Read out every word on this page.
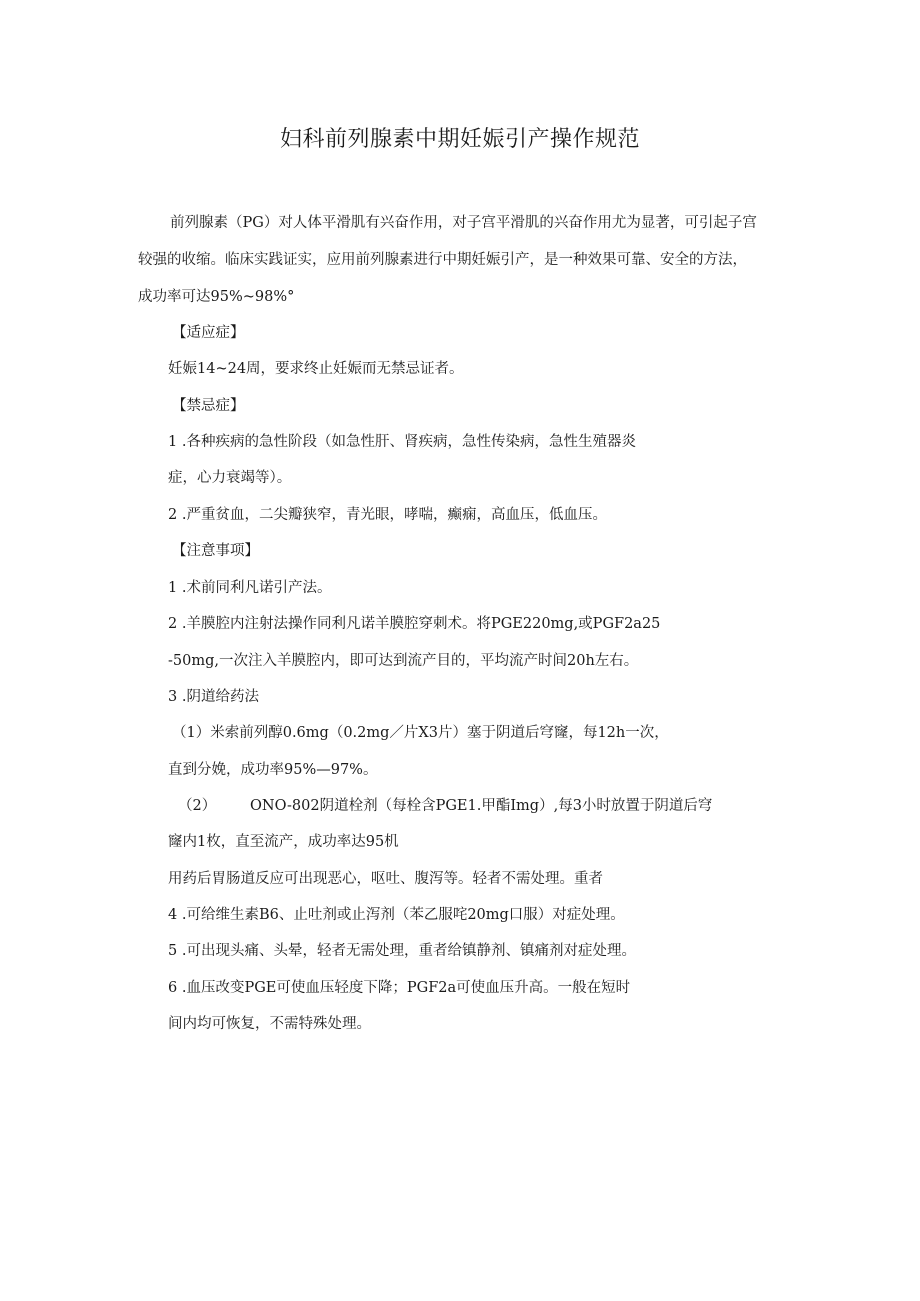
妇科前列腺素中期妊娠引产操作规范
前列腺素（PG）对人体平滑肌有兴奋作用，对子宫平滑肌的兴奋作用尤为显著，可引起子宫
较强的收缩。临床实践证实，应用前列腺素进行中期妊娠引产，是一种效果可靠、安全的方法，
成功率可达95%~98%°
【适应症】
妊娠14~24周，要求终止妊娠而无禁忌证者。
【禁忌症】
1 .各种疾病的急性阶段（如急性肝、肾疾病，急性传染病，急性生殖器炎
症，心力衰竭等）。
2 .严重贫血，二尖瓣狭窄，青光眼，哮喘，癫痫，高血压，低血压。
【注意事项】
1 .术前同利凡诺引产法。
2 .羊膜腔内注射法操作同利凡诺羊膜腔穿刺术。将PGE220mg,或PGF2a25
-50mg,一次注入羊膜腔内，即可达到流产目的，平均流产时间20h左右。
3 .阴道给药法
（1）米索前列醇0.6mg（0.2mg／片X3片）塞于阴道后穹窿，每12h一次，
直到分娩，成功率95%—97%。
（2） ONO-802阴道栓剂（每栓含PGE1.甲酯Img）,每3小时放置于阴道后穹
窿内1枚，直至流产，成功率达95机
用药后胃肠道反应可出现恶心，呕吐、腹泻等。轻者不需处理。重者
4 .可给维生素B6、止吐剂或止泻剂（苯乙服咤20mg口服）对症处理。
5 .可出现头痛、头晕，轻者无需处理，重者给镇静剂、镇痛剂对症处理。
6 .血压改变PGE可使血压轻度下降；PGF2a可使血压升高。一般在短时
间内均可恢复，不需特殊处理。
